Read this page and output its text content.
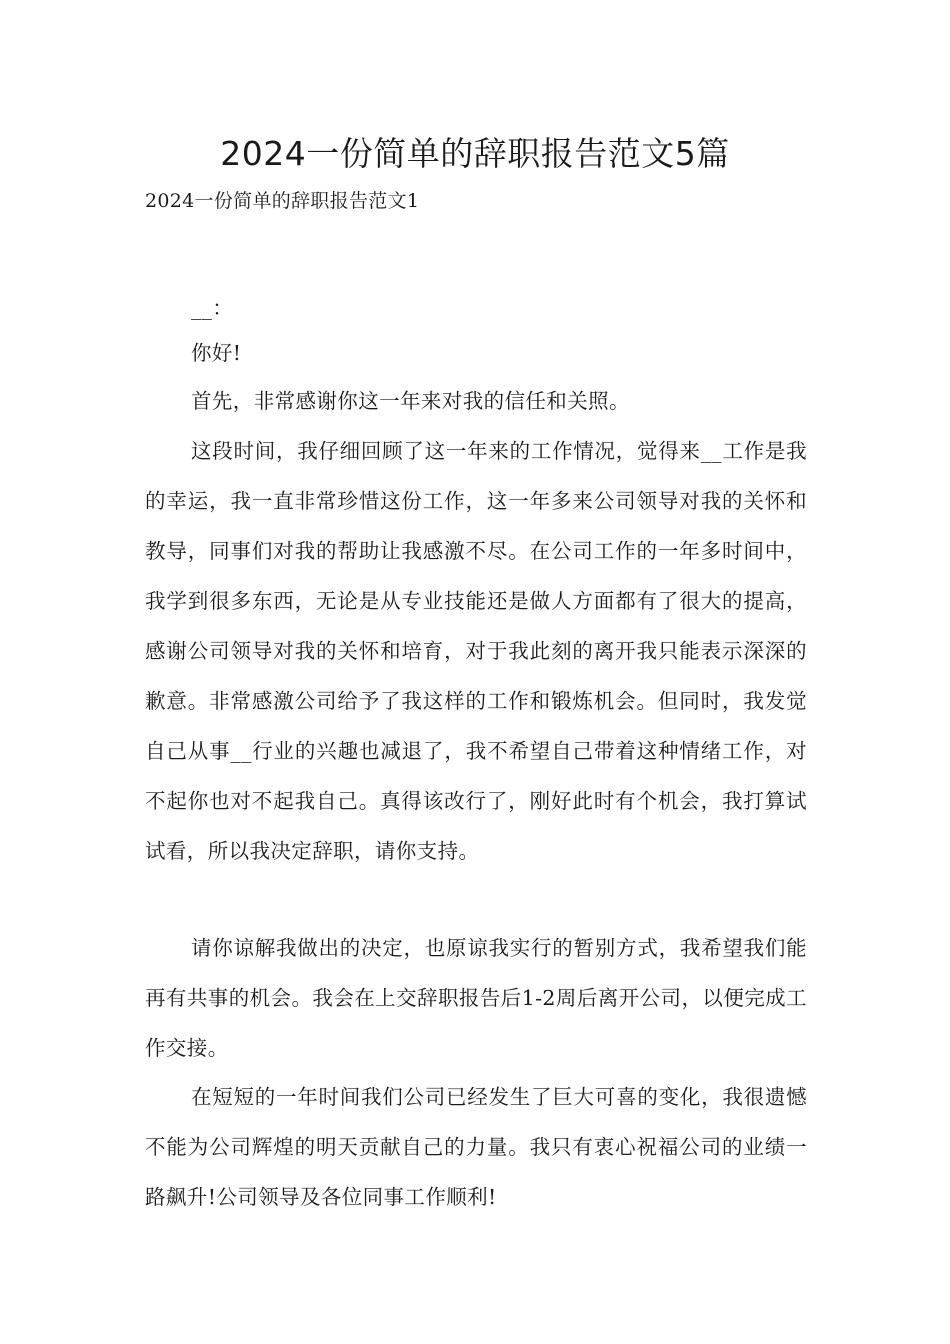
2024一份简单的辞职报告范文5篇
2024一份简单的辞职报告范文1

__：

你好!

首先，非常感谢你这一年来对我的信任和关照。

这段时间，我仔细回顾了这一年来的工作情况，觉得来__工作是我的幸运，我一直非常珍惜这份工作，这一年多来公司领导对我的关怀和教导，同事们对我的帮助让我感激不尽。在公司工作的一年多时间中，我学到很多东西，无论是从专业技能还是做人方面都有了很大的提高，感谢公司领导对我的关怀和培育，对于我此刻的离开我只能表示深深的歉意。非常感激公司给予了我这样的工作和锻炼机会。但同时，我发觉自己从事__行业的兴趣也减退了，我不希望自己带着这种情绪工作，对不起你也对不起我自己。真得该改行了，刚好此时有个机会，我打算试试看，所以我决定辞职，请你支持。

请你谅解我做出的决定，也原谅我实行的暂别方式，我希望我们能再有共事的机会。我会在上交辞职报告后1-2周后离开公司，以便完成工作交接。

在短短的一年时间我们公司已经发生了巨大可喜的变化，我很遗憾不能为公司辉煌的明天贡献自己的力量。我只有衷心祝福公司的业绩一路飙升!公司领导及各位同事工作顺利!
